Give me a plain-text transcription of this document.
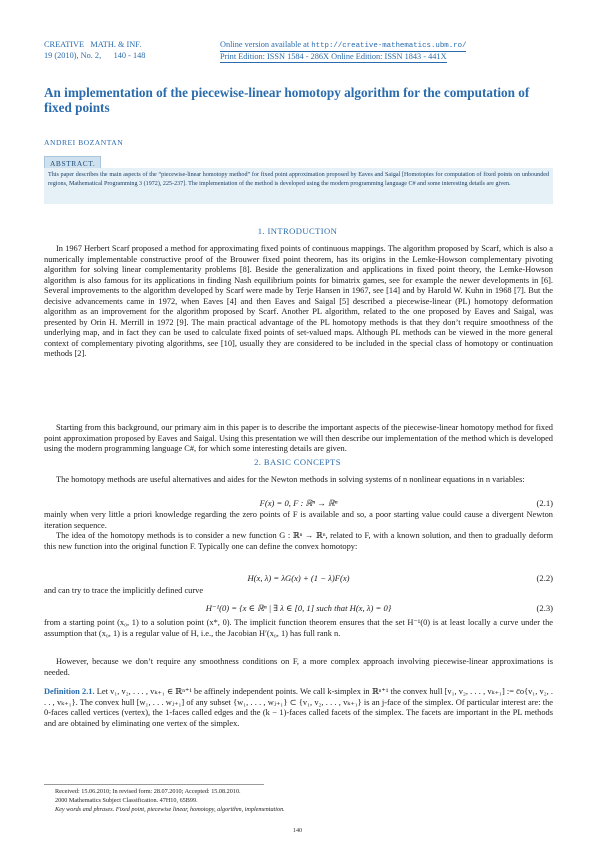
CREATIVE   MATH. & INF.
19 (2010), No. 2,      140 - 148
Online version available at http://creative-mathematics.ubm.ro/
Print Edition: ISSN 1584 - 286X Online Edition: ISSN 1843 - 441X
An implementation of the piecewise-linear homotopy algorithm for the computation of fixed points
ANDREI BOZANTAN
ABSTRACT.
This paper describes the main aspects of the “piecewise-linear homotopy method” for fixed point approximation proposed by Eaves and Saigal [Homotopies for computation of fixed points on unbounded regions, Mathematical Programming 3 (1972), 225-237]. The implementation of the method is developed using the modern programming language C# and some interesting details are given.
1. INTRODUCTION
In 1967 Herbert Scarf proposed a method for approximating fixed points of continuous mappings. The algorithm proposed by Scarf, which is also a numerically implementable constructive proof of the Brouwer fixed point theorem, has its origins in the Lemke-Howson complementary pivoting algorithm for solving linear complementarity problems [8]. Beside the generalization and applications in fixed point theory, the Lemke-Howson algorithm is also famous for its applications in finding Nash equilibrium points for bimatrix games, see for example the newer developments in [6]. Several improvements to the algorithm developed by Scarf were made by Terje Hansen in 1967, see [14] and by Harold W. Kuhn in 1968 [7]. But the decisive advancements came in 1972, when Eaves [4] and then Eaves and Saigal [5] described a piecewise-linear (PL) homotopy deformation algorithm as an improvement for the algorithm proposed by Scarf. Another PL algorithm, related to the one proposed by Eaves and Saigal, was presented by Orin H. Merrill in 1972 [9]. The main practical advantage of the PL homotopy methods is that they don’t require smoothness of the underlying map, and in fact they can be used to calculate fixed points of set-valued maps. Although PL methods can be viewed in the more general context of complementary pivoting algorithms, see [10], usually they are considered to be included in the special class of homotopy or continuation methods [2].
Starting from this background, our primary aim in this paper is to describe the important aspects of the piecewise-linear homotopy method for fixed point approximation proposed by Eaves and Saigal. Using this presentation we will then describe our implementation of the method which is developed using the modern programming language C#, for which some interesting details are given.
2. BASIC CONCEPTS
The homotopy methods are useful alternatives and aides for the Newton methods in solving systems of n nonlinear equations in n variables:
F(x) = 0, F : ℝⁿ → ℝⁿ	(2.1)
mainly when very little a priori knowledge regarding the zero points of F is available and so, a poor starting value could cause a divergent Newton iteration sequence.
The idea of the homotopy methods is to consider a new function G : ℝⁿ → ℝⁿ, related to F, with a known solution, and then to gradually deform this new function into the original function F. Typically one can define the convex homotopy:
H(x, λ) = λG(x) + (1 − λ)F(x)	(2.2)
and can try to trace the implicitly defined curve
H⁻¹(0) = {x ∈ ℝⁿ | ∃ λ ∈ [0, 1] such that H(x, λ) = 0}	(2.3)
from a starting point (x₀, 1) to a solution point (x*, 0). The implicit function theorem ensures that the set H⁻¹(0) is at least locally a curve under the assumption that (x₀, 1) is a regular value of H, i.e., the Jacobian H′(x₀, 1) has full rank n.
However, because we don’t require any smoothness conditions on F, a more complex approach involving piecewise-linear approximations is needed.
Definition 2.1. Let v₁, v₂, . . . , vₖ₊₁ ∈ ℝⁿ⁺¹ be affinely independent points. We call k-simplex in ℝⁿ⁺¹ the convex hull [v₁, v₂, . . . , vₖ₊₁] := c̄o{v₁, v₂, . . . , vₖ₊₁}. The convex hull [w₁, . . . wⱼ₊₁] of any subset {w₁, . . . , wⱼ₊₁} ⊂ {v₁, v₂, . . . , vₖ₊₁} is an j-face of the simplex. Of particular interest are: the 0-faces called vertices (vertex), the 1-faces called edges and the (k − 1)-faces called facets of the simplex. The facets are important in the PL methods and are obtained by eliminating one vertex of the simplex.
Received: 15.06.2010; In revised form: 28.07.2010; Accepted: 15.08.2010.
2000 Mathematics Subject Classification. 47H10, 65B99.
Key words and phrases. Fixed point, piecewise linear, homotopy, algorithm, implementation.
140
